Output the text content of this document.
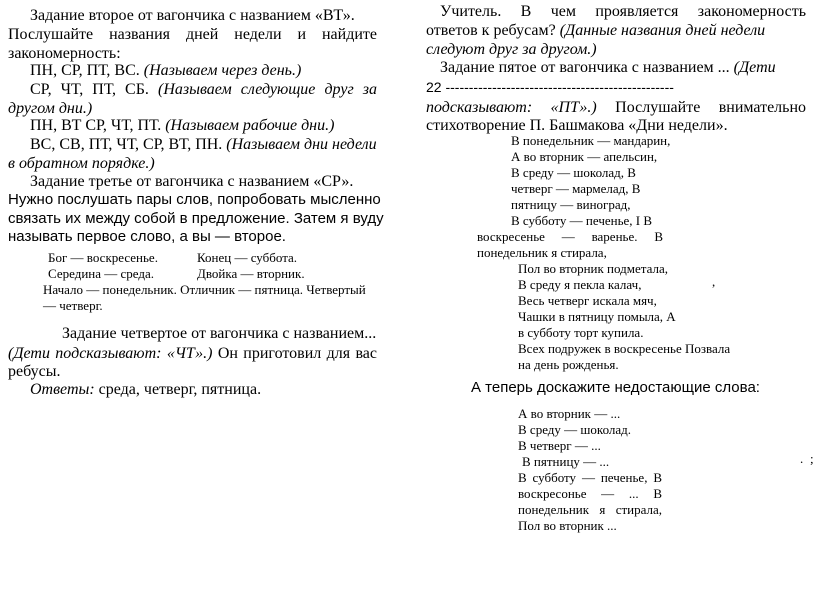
Задание второе от вагончика с названием «ВТ».
Послушайте названия дней недели и найдите
закономерность:
ПН, СР, ПТ, ВС. (Называем через день.)
СР, ЧТ, ПТ, СБ. (Называем следующие друг за
другом дни.)
ПН, ВТ СР, ЧТ, ПТ. (Называем рабочие дни.)
ВС, СВ, ПТ, ЧТ, СР, ВТ, ПН. (Называем дни недели
в обратном порядке.)
Задание третье от вагончика с названием «СР».
Нужно послушать пары слов, попробовать мысленно
связать их между собой в предложение. Затем я вуду
называть первое слово, а вы — второе.
Бог — воскресенье.	Конец — суббота.
Середина — среда.	Двойка — вторник.
Начало — понедельник. Отличник — пятница. Четвертый
— четверг.
Задание четвертое от вагончика с названием...
(Дети подсказывают: «ЧТ».) Он приготовил для вас
ребусы.
Ответы: среда, четверг, пятница.
Учитель. В чем проявляется закономерность
ответов к ребусам? (Данные названия дней недели
следуют друг за другом.)
Задание пятое от вагончика с названием ... (Дети
22 -------------------------------------------------
подсказывают: «ПТ».) Послушайте внимательно
стихотворение П. Башмакова «Дни недели».
В понедельник — мандарин,
А во вторник — апельсин,
В среду — шоколад, В
четверг — мармелад, В
пятницу — виноград,
В субботу — печенье, I В
воскресенье — варенье. В
понедельник я стирала,
Пол во вторник подметала,
В среду я пекла калач,
Весь четверг искала мяч,
Чашки в пятницу помыла, А
в субботу торт купила.
Всех подружек в воскресенье Позвала
на день рожденья.
,
А теперь доскажите недостающие слова:
А во вторник — ...
В среду — шоколад.
В четверг — ...
В пятницу — ...
В субботу — печенье, В
воскресонье — ... В
понедельник я стирала,
Пол во вторник ...
. ;
